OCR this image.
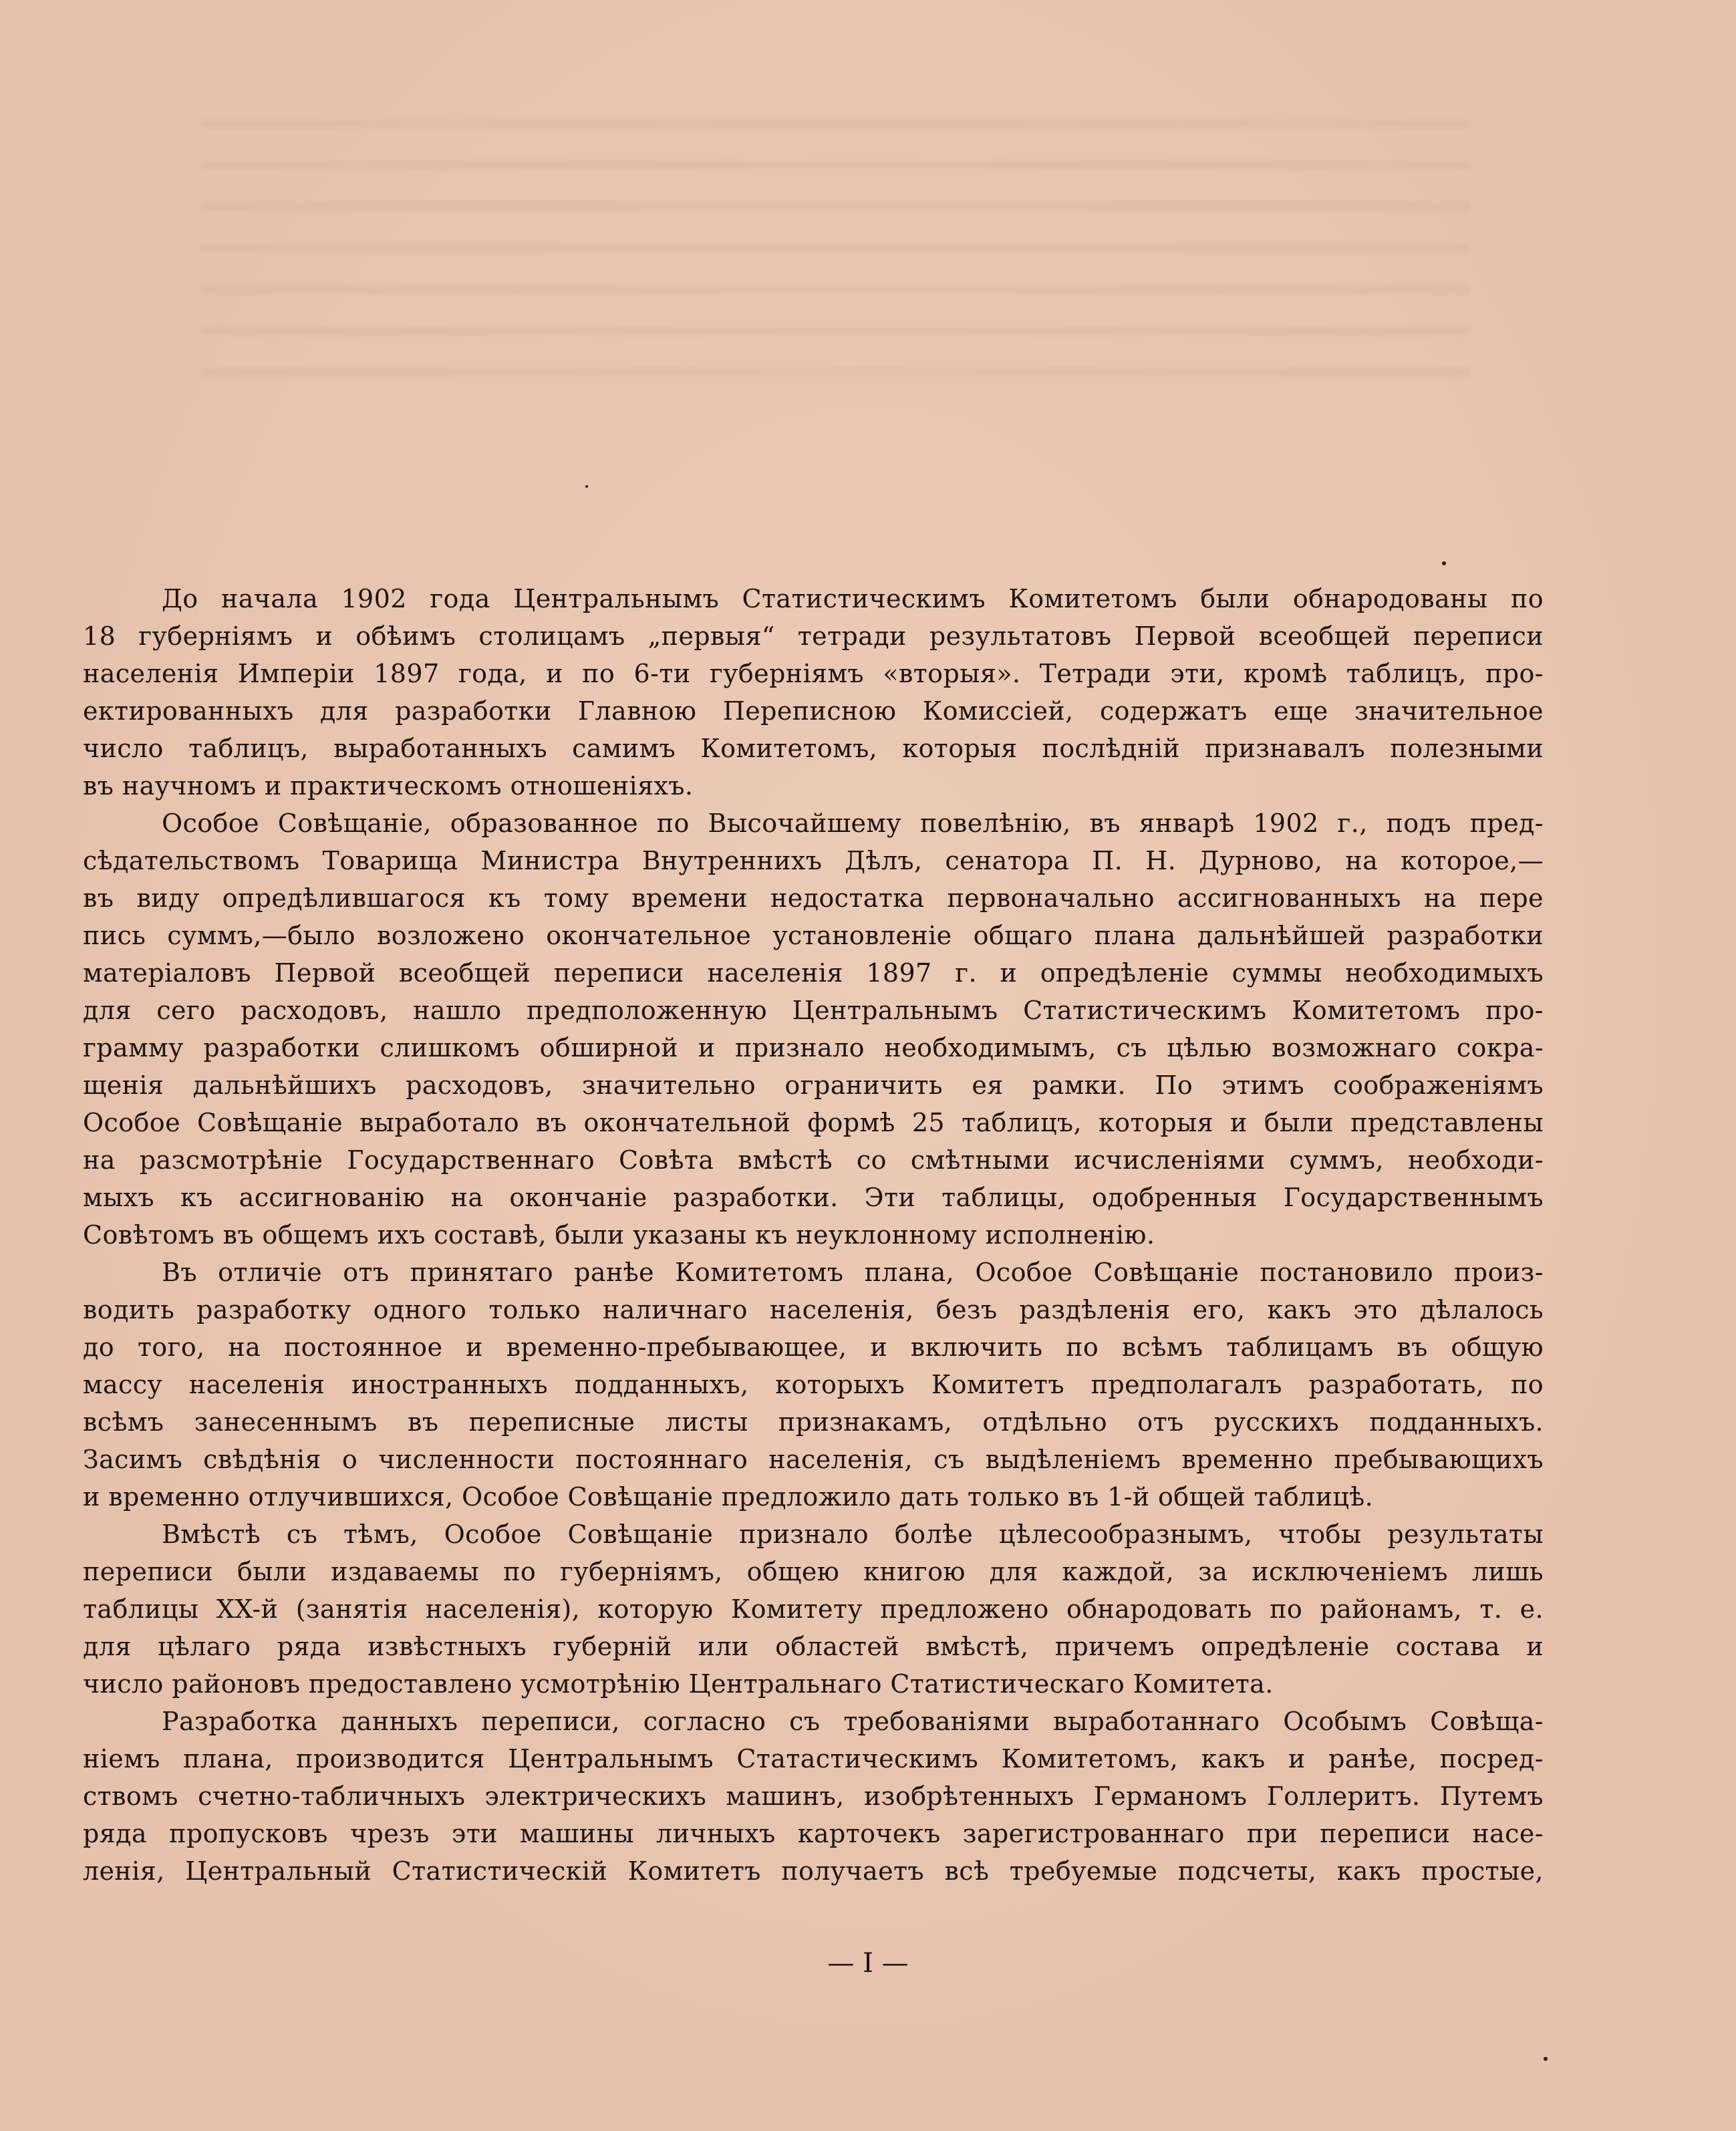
До начала 1902 года Центральнымъ Статистическимъ Комитетомъ были обнародованы по
18 губерніямъ и обѣимъ столицамъ „первыя“ тетради результатовъ Первой всеобщей переписи
населенія Имперіи 1897 года, и по 6-ти губерніямъ «вторыя». Тетради эти, кромѣ таблицъ, про-
ектированныхъ для разработки Главною Переписною Комиссіей, содержатъ еще значительное
число таблицъ, выработанныхъ самимъ Комитетомъ, которыя послѣдній признавалъ полезными
въ научномъ и практическомъ отношеніяхъ.
Особое Совѣщаніе, образованное по Высочайшему повелѣнію, въ январѣ 1902 г., подъ пред-
сѣдательствомъ Товарища Министра Внутреннихъ Дѣлъ, сенатора П. Н. Дурново, на которое,—
въ виду опредѣлившагося къ тому времени недостатка первоначально ассигнованныхъ на пере
пись суммъ,—было возложено окончательное установленіе общаго плана дальнѣйшей разработки
матеріаловъ Первой всеобщей переписи населенія 1897 г. и опредѣленіе суммы необходимыхъ
для сего расходовъ, нашло предположенную Центральнымъ Статистическимъ Комитетомъ про-
грамму разработки слишкомъ обширной и признало необходимымъ, съ цѣлью возможнаго сокра-
щенія дальнѣйшихъ расходовъ, значительно ограничить ея рамки. По этимъ соображеніямъ
Особое Совѣщаніе выработало въ окончательной формѣ 25 таблицъ, которыя и были представлены
на разсмотрѣніе Государственнаго Совѣта вмѣстѣ со смѣтными исчисленіями суммъ, необходи-
мыхъ къ ассигнованію на окончаніе разработки. Эти таблицы, одобренныя Государственнымъ
Совѣтомъ въ общемъ ихъ составѣ, были указаны къ неуклонному исполненію.
Въ отличіе отъ принятаго ранѣе Комитетомъ плана, Особое Совѣщаніе постановило произ-
водить разработку одного только наличнаго населенія, безъ раздѣленія его, какъ это дѣлалось
до того, на постоянное и временно-пребывающее, и включить по всѣмъ таблицамъ въ общую
массу населенія иностранныхъ подданныхъ, которыхъ Комитетъ предполагалъ разработать, по
всѣмъ занесеннымъ въ переписные листы признакамъ, отдѣльно отъ русскихъ подданныхъ.
Засимъ свѣдѣнія о численности постояннаго населенія, съ выдѣленіемъ временно пребывающихъ
и временно отлучившихся, Особое Совѣщаніе предложило дать только въ 1-й общей таблицѣ.
Вмѣстѣ съ тѣмъ, Особое Совѣщаніе признало болѣе цѣлесообразнымъ, чтобы результаты
переписи были издаваемы по губерніямъ, общею книгою для каждой, за исключеніемъ лишь
таблицы XX-й (занятія населенія), которую Комитету предложено обнародовать по районамъ, т. е.
для цѣлаго ряда извѣстныхъ губерній или областей вмѣстѣ, причемъ опредѣленіе состава и
число районовъ предоставлено усмотрѣнію Центральнаго Статистическаго Комитета.
Разработка данныхъ переписи, согласно съ требованіями выработаннаго Особымъ Совѣща-
ніемъ плана, производится Центральнымъ Статастическимъ Комитетомъ, какъ и ранѣе, посред-
ствомъ счетно-табличныхъ электрическихъ машинъ, изобрѣтенныхъ Германомъ Голлеритъ. Путемъ
ряда пропусковъ чрезъ эти машины личныхъ карточекъ зарегистрованнаго при переписи насе-
ленія, Центральный Статистическій Комитетъ получаетъ всѣ требуемые подсчеты, какъ простые,
— I —
